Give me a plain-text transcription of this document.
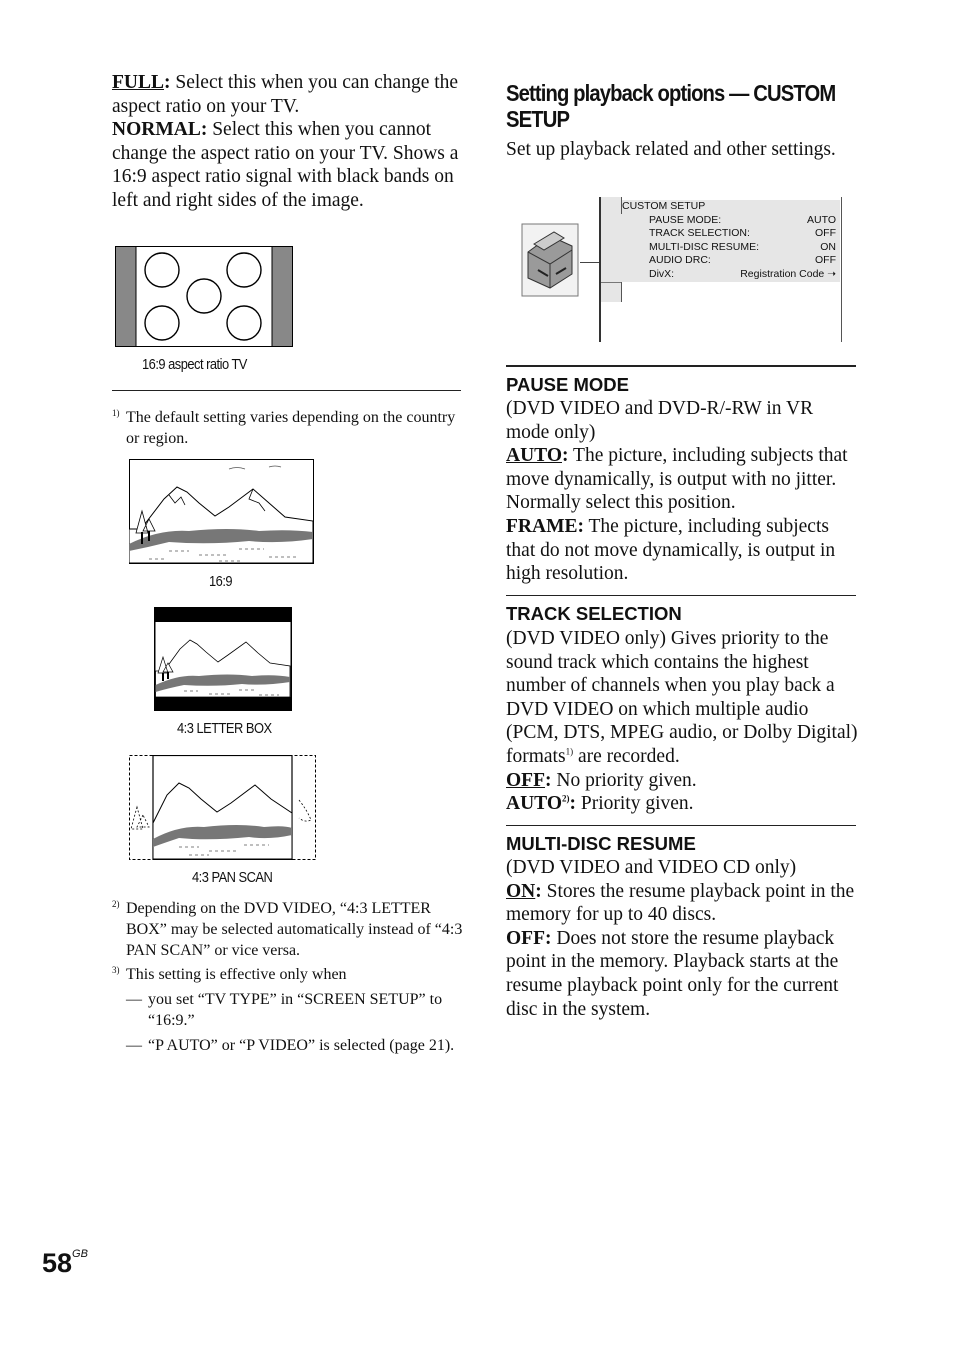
FULL: Select this when you can change the aspect ratio on your TV.
NORMAL: Select this when you cannot change the aspect ratio on your TV. Shows a 16:9 aspect ratio signal with black bands on left and right sides of the image.
16:9 aspect ratio TV
1) The default setting varies depending on the country or region.
16:9
4:3 LETTER BOX
4:3 PAN SCAN
2) Depending on the DVD VIDEO, “4:3 LETTER BOX” may be selected automatically instead of “4:3 PAN SCAN” or vice versa.
3) This setting is effective only when
— you set “TV TYPE” in “SCREEN SETUP” to “16:9.”
— “P AUTO” or “P VIDEO” is selected (page 21).
Setting playback options — CUSTOM SETUP
Set up playback related and other settings.
CUSTOM SETUP
PAUSE MODE:	AUTO
TRACK SELECTION:	OFF
MULTI-DISC RESUME:	ON
AUDIO DRC:	OFF
DivX:	Registration Code ➝
PAUSE MODE
(DVD VIDEO and DVD-R/-RW in VR mode only)
AUTO: The picture, including subjects that move dynamically, is output with no jitter. Normally select this position.
FRAME: The picture, including subjects that do not move dynamically, is output in high resolution.
TRACK SELECTION
(DVD VIDEO only) Gives priority to the sound track which contains the highest number of channels when you play back a DVD VIDEO on which multiple audio (PCM, DTS, MPEG audio, or Dolby Digital) formats$^{1)}$ are recorded.
OFF: No priority given.
AUTO$^{2)}$: Priority given.
MULTI-DISC RESUME
(DVD VIDEO and VIDEO CD only)
ON: Stores the resume playback point in the memory for up to 40 discs.
OFF: Does not store the resume playback point in the memory. Playback starts at the resume playback point only for the current disc in the system.
$58^{GB}$
